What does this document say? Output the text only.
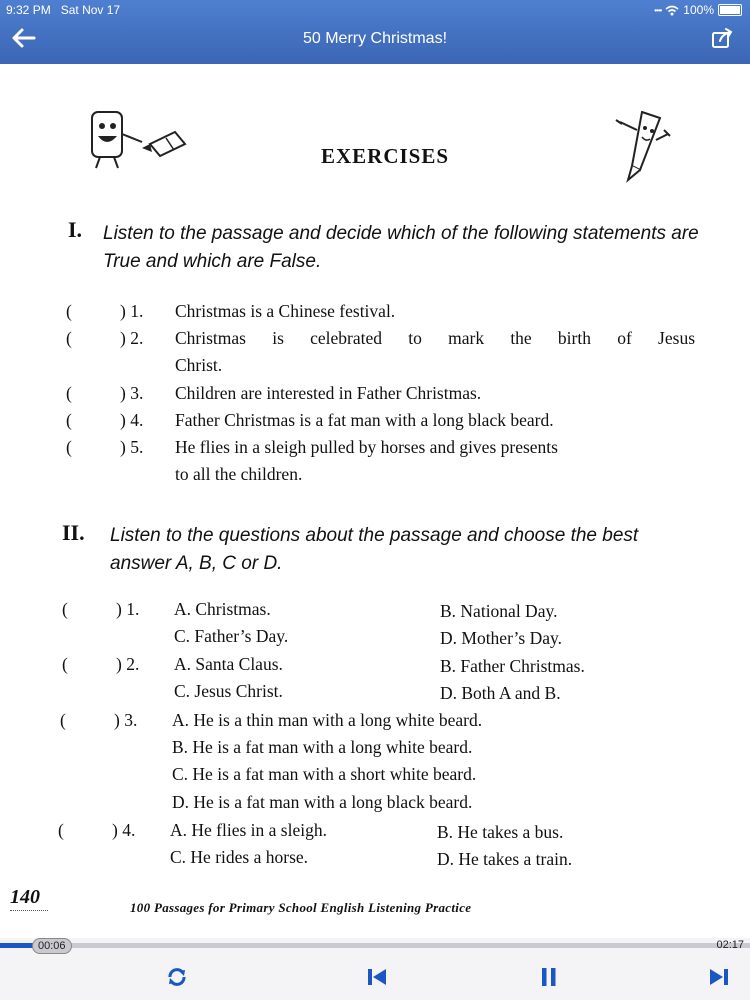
9:32 PM Sat Nov 17	•••• 100%
50 Merry Christmas!
EXERCISES
I. Listen to the passage and decide which of the following statements are True and which are False.
(	) 1. Christmas is a Chinese festival.
(	) 2. Christmas is celebrated to mark the birth of Jesus
Christ.
(	) 3. Children are interested in Father Christmas.
(	) 4. Father Christmas is a fat man with a long black beard.
(	) 5. He flies in a sleigh pulled by horses and gives presents
to all the children.
II. Listen to the questions about the passage and choose the best answer A, B, C or D.
(	) 1. A. Christmas.	B. National Day.
C. Father’s Day.	D. Mother’s Day.
(	) 2. A. Santa Claus.	B. Father Christmas.
C. Jesus Christ.	D. Both A and B.
(	) 3. A. He is a thin man with a long white beard.
B. He is a fat man with a long white beard.
C. He is a fat man with a short white beard.
D. He is a fat man with a long black beard.
(	) 4. A. He flies in a sleigh.	B. He takes a bus.
C. He rides a horse.	D. He takes a train.
140	100 Passages for Primary School English Listening Practice
00:06	02:17
